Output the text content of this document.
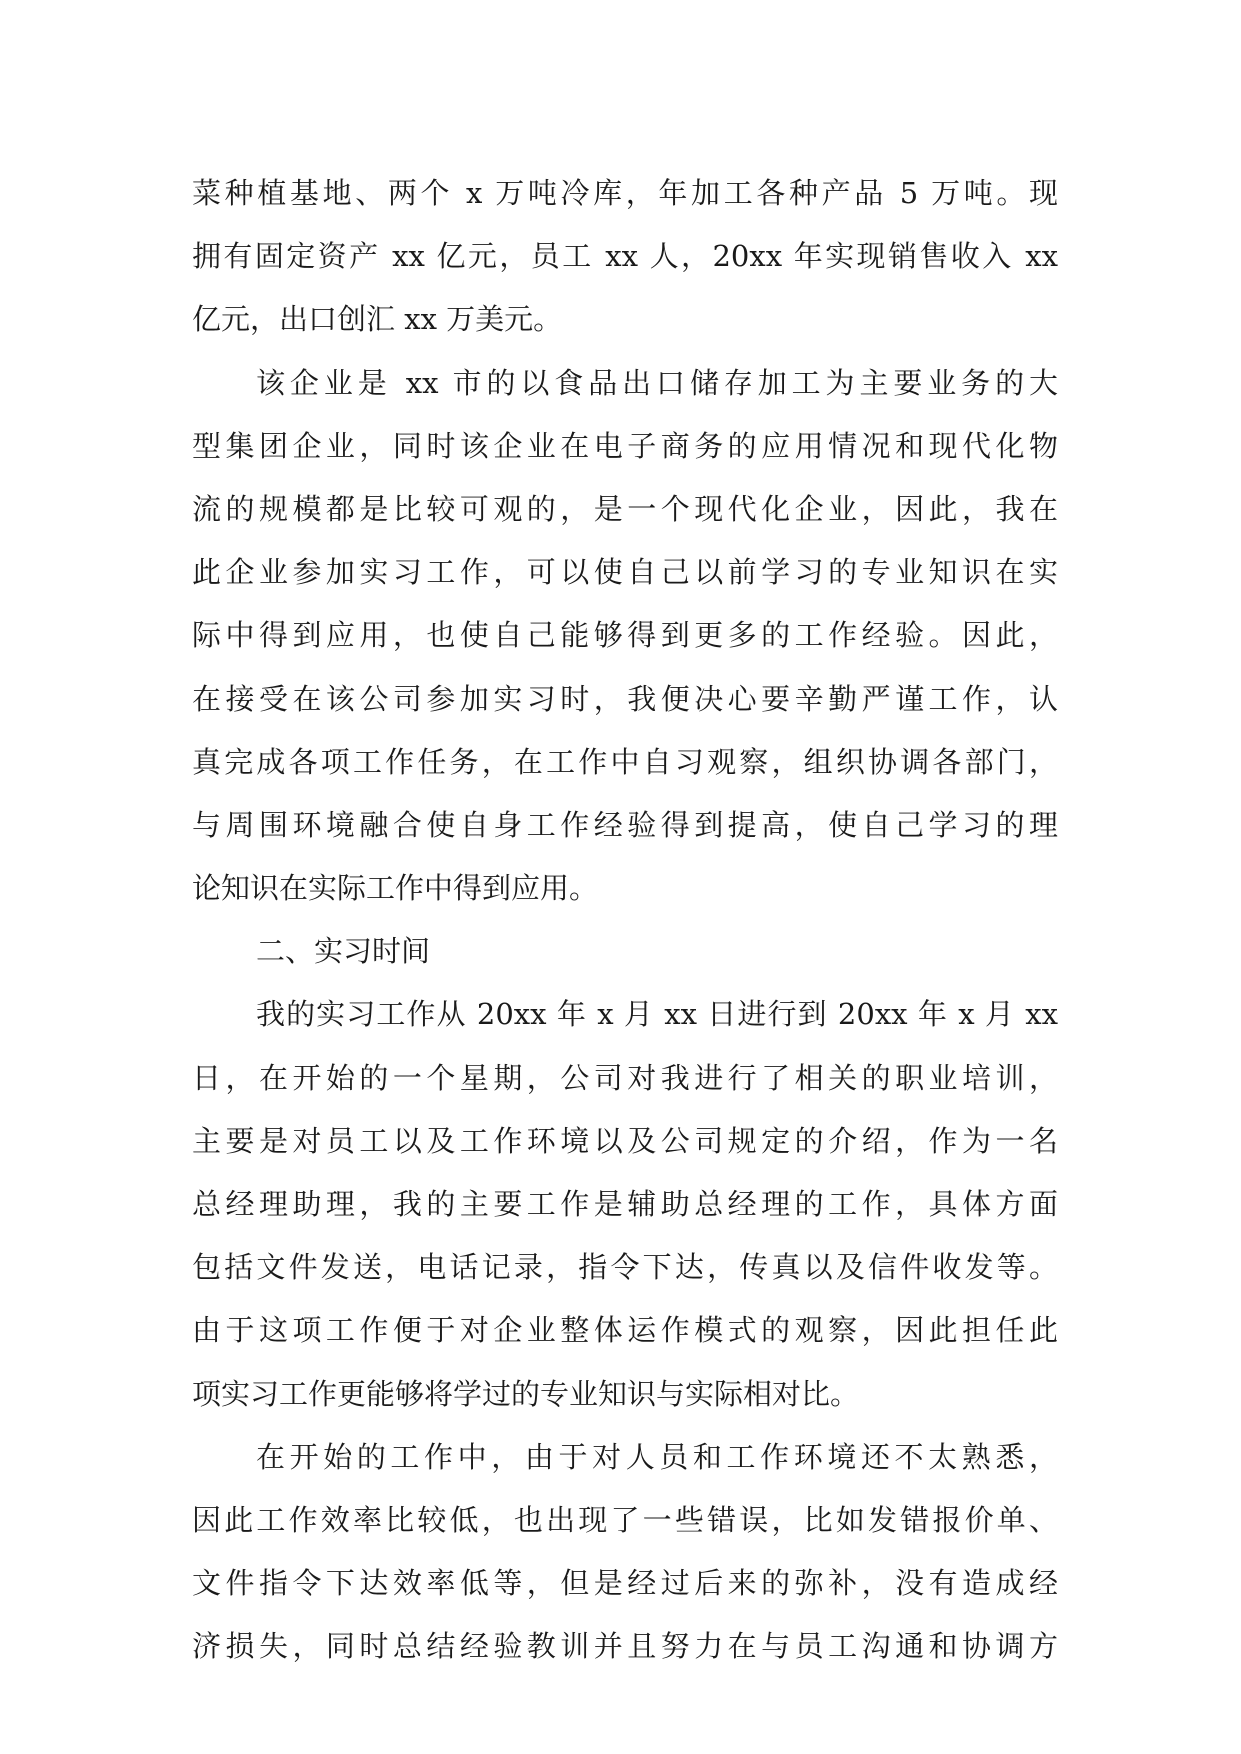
菜种植基地、两个 x 万吨冷库，年加工各种产品 5 万吨。现
拥有固定资产 xx 亿元，员工 xx 人，20xx 年实现销售收入 xx
亿元，出口创汇 xx 万美元。
该企业是 xx 市的以食品出口储存加工为主要业务的大
型集团企业，同时该企业在电子商务的应用情况和现代化物
流的规模都是比较可观的，是一个现代化企业，因此，我在
此企业参加实习工作，可以使自己以前学习的专业知识在实
际中得到应用，也使自己能够得到更多的工作经验。因此，
在接受在该公司参加实习时，我便决心要辛勤严谨工作，认
真完成各项工作任务，在工作中自习观察，组织协调各部门，
与周围环境融合使自身工作经验得到提高，使自己学习的理
论知识在实际工作中得到应用。
二、实习时间
我的实习工作从 20xx 年 x 月 xx 日进行到 20xx 年 x 月 xx
日，在开始的一个星期，公司对我进行了相关的职业培训，
主要是对员工以及工作环境以及公司规定的介绍，作为一名
总经理助理，我的主要工作是辅助总经理的工作，具体方面
包括文件发送，电话记录，指令下达，传真以及信件收发等。
由于这项工作便于对企业整体运作模式的观察，因此担任此
项实习工作更能够将学过的专业知识与实际相对比。
在开始的工作中，由于对人员和工作环境还不太熟悉，
因此工作效率比较低，也出现了一些错误，比如发错报价单、
文件指令下达效率低等，但是经过后来的弥补，没有造成经
济损失，同时总结经验教训并且努力在与员工沟通和协调方
